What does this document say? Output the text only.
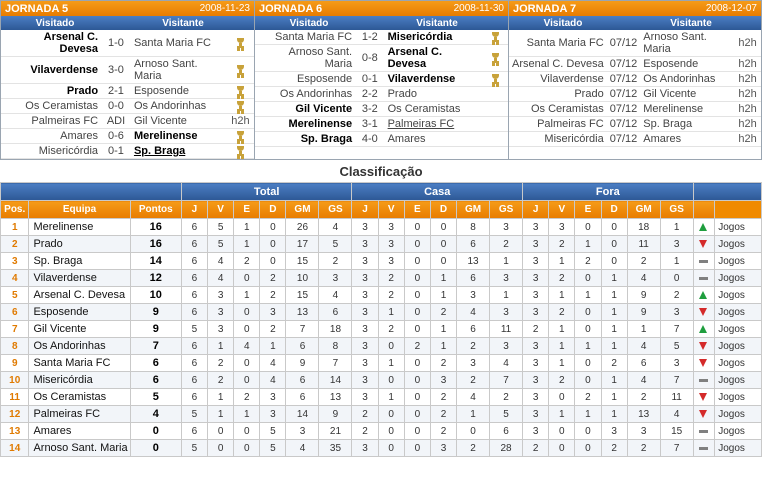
JORNADA 5	2008-11-23
Visitado	Visitante
Arsenal C. Devesa	1-0	Santa Maria FC	
Vilaverdense	3-0	Arnoso Sant. Maria	
Prado	2-1	Esposende	
Os Ceramistas	0-0	Os Andorinhas	
Palmeiras FC	ADI	Gil Vicente	h2h
Amares	0-6	Merelinense	
Misericórdia	0-1	Sp. Braga	
JORNADA 6	2008-11-30
Visitado	Visitante
Santa Maria FC	1-2	Misericórdia	
Arnoso Sant. Maria	0-8	Arsenal C. Devesa	
Esposende	0-1	Vilaverdense	
Os Andorinhas	2-2	Prado	
Gil Vicente	3-2	Os Ceramistas	
Merelinense	3-1	Palmeiras FC	
Sp. Braga	4-0	Amares	
JORNADA 7	2008-12-07
Visitado	Visitante
Santa Maria FC	07/12	Arnoso Sant. Maria	h2h
Arsenal C. Devesa	07/12	Esposende	h2h
Vilaverdense	07/12	Os Andorinhas	h2h
Prado	07/12	Gil Vicente	h2h
Os Ceramistas	07/12	Merelinense	h2h
Palmeiras FC	07/12	Sp. Braga	h2h
Misericórdia	07/12	Amares	h2h
Classificação
			Total						Casa						Fora							
Pos.	Equipa	Pontos	J	V	E	D	GM	GS	J	V	E	D	GM	GS	J	V	E	D	GM	GS		
1	Merelinense	16	6	5	1	0	26	4	3	3	0	0	8	3	3	3	0	0	18	1		Jogos
2	Prado	16	6	5	1	0	17	5	3	3	0	0	6	2	3	2	1	0	11	3		Jogos
3	Sp. Braga	14	6	4	2	0	15	2	3	3	0	0	13	1	3	1	2	0	2	1		Jogos
4	Vilaverdense	12	6	4	0	2	10	3	3	2	0	1	6	3	3	2	0	1	4	0		Jogos
5	Arsenal C. Devesa	10	6	3	1	2	15	4	3	2	0	1	3	1	3	1	1	1	9	2		Jogos
6	Esposende	9	6	3	0	3	13	6	3	1	0	2	4	3	3	2	0	1	9	3		Jogos
7	Gil Vicente	9	5	3	0	2	7	18	3	2	0	1	6	11	2	1	0	1	1	7		Jogos
8	Os Andorinhas	7	6	1	4	1	6	8	3	0	2	1	2	3	3	1	1	1	4	5		Jogos
9	Santa Maria FC	6	6	2	0	4	9	7	3	1	0	2	3	4	3	1	0	2	6	3		Jogos
10	Misericórdia	6	6	2	0	4	6	14	3	0	0	3	2	7	3	2	0	1	4	7		Jogos
11	Os Ceramistas	5	6	1	2	3	6	13	3	1	0	2	4	2	3	0	2	1	2	11		Jogos
12	Palmeiras FC	4	5	1	1	3	14	9	2	0	0	2	1	5	3	1	1	1	13	4		Jogos
13	Amares	0	6	0	0	5	3	21	2	0	0	2	0	6	3	0	0	3	3	15		Jogos
14	Arnoso Sant. Maria	0	5	0	0	5	4	35	3	0	0	3	2	28	2	0	0	2	2	7		Jogos
